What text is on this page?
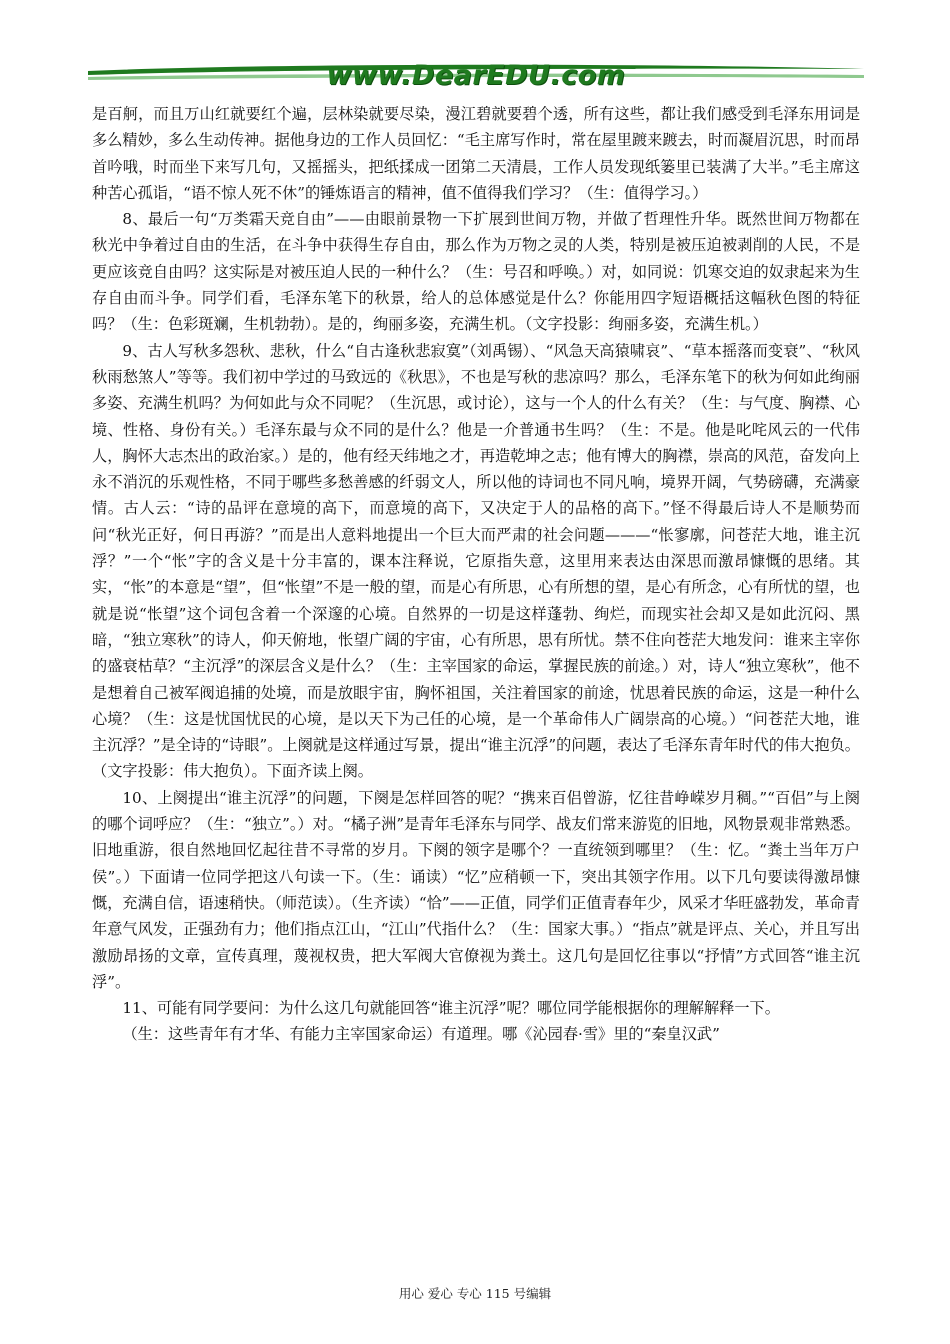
www.DearEDU.com

是百舸，而且万山红就要红个遍，层林染就要尽染，漫江碧就要碧个透，所有这些，都让我们感受到毛泽东用词是多么精妙，多么生动传神。据他身边的工作人员回忆：“毛主席写作时，常在屋里踱来踱去，时而凝眉沉思，时而昂首吟哦，时而坐下来写几句，又摇摇头，把纸揉成一团第二天清晨，工作人员发现纸篓里已装满了大半。”毛主席这种苦心孤诣，“语不惊人死不休”的锤炼语言的精神，值不值得我们学习？（生：值得学习。）

8、最后一句“万类霜天竞自由”——由眼前景物一下扩展到世间万物，并做了哲理性升华。既然世间万物都在秋光中争着过自由的生活，在斗争中获得生存自由，那么作为万物之灵的人类，特别是被压迫被剥削的人民，不是更应该竞自由吗？这实际是对被压迫人民的一种什么？（生：号召和呼唤。）对，如同说：饥寒交迫的奴隶起来为生存自由而斗争。同学们看，毛泽东笔下的秋景，给人的总体感觉是什么？你能用四字短语概括这幅秋色图的特征吗？（生：色彩斑斓，生机勃勃）。是的，绚丽多姿，充满生机。（文字投影：绚丽多姿，充满生机。）

9、古人写秋多怨秋、悲秋，什么“自古逢秋悲寂寞”（刘禹锡）、“风急天高猿啸哀”、“草本摇落而变衰”、“秋风秋雨愁煞人”等等。我们初中学过的马致远的《秋思》，不也是写秋的悲凉吗？那么，毛泽东笔下的秋为何如此绚丽多姿、充满生机吗？为何如此与众不同呢？（生沉思，或讨论），这与一个人的什么有关？（生：与气度、胸襟、心境、性格、身份有关。）毛泽东最与众不同的是什么？他是一介普通书生吗？（生：不是。他是叱咤风云的一代伟人，胸怀大志杰出的政治家。）是的，他有经天纬地之才，再造乾坤之志；他有博大的胸襟，崇高的风范，奋发向上永不消沉的乐观性格，不同于哪些多愁善感的纤弱文人，所以他的诗词也不同凡响，境界开阔，气势磅礴，充满豪情。古人云：“诗的品评在意境的高下，而意境的高下，又决定于人的品格的高下。”怪不得最后诗人不是顺势而问“秋光正好，何日再游？”而是出人意料地提出一个巨大而严肃的社会问题———“怅寥廓，问苍茫大地，谁主沉浮？”一个“怅”字的含义是十分丰富的，课本注释说，它原指失意，这里用来表达由深思而激昂慷慨的思绪。其实，“怅”的本意是“望”，但“怅望”不是一般的望，而是心有所思，心有所想的望，是心有所念，心有所忧的望，也就是说“怅望”这个词包含着一个深邃的心境。自然界的一切是这样蓬勃、绚烂，而现实社会却又是如此沉闷、黑暗，“独立寒秋”的诗人，仰天俯地，怅望广阔的宇宙，心有所思，思有所忧。禁不住向苍茫大地发问：谁来主宰你的盛衰枯草？“主沉浮”的深层含义是什么？（生：主宰国家的命运，掌握民族的前途。）对，诗人“独立寒秋”，他不是想着自己被军阀追捕的处境，而是放眼宇宙，胸怀祖国，关注着国家的前途，忧思着民族的命运，这是一种什么心境？（生：这是忧国忧民的心境，是以天下为己任的心境，是一个革命伟人广阔崇高的心境。）“问苍茫大地，谁主沉浮？”是全诗的“诗眼”。上阕就是这样通过写景，提出“谁主沉浮”的问题，表达了毛泽东青年时代的伟大抱负。（文字投影：伟大抱负）。下面齐读上阕。

10、上阕提出“谁主沉浮”的问题，下阕是怎样回答的呢？“携来百侣曾游，忆往昔峥嵘岁月稠。”“百侣”与上阕的哪个词呼应？（生：“独立”。）对。“橘子洲”是青年毛泽东与同学、战友们常来游览的旧地，风物景观非常熟悉。旧地重游，很自然地回忆起往昔不寻常的岁月。下阕的领字是哪个？一直统领到哪里？（生：忆。“粪土当年万户侯”。）下面请一位同学把这八句读一下。（生：诵读）“忆”应稍顿一下，突出其领字作用。以下几句要读得激昂慷慨，充满自信，语速稍快。（师范读）。（生齐读）“恰”——正值，同学们正值青春年少，风采才华旺盛勃发，革命青年意气风发，正强劲有力；他们指点江山，“江山”代指什么？（生：国家大事。）“指点”就是评点、关心，并且写出激励昂扬的文章，宣传真理，蔑视权贵，把大军阀大官僚视为粪土。这几句是回忆往事以“抒情”方式回答“谁主沉浮”。

11、可能有同学要问：为什么这几句就能回答“谁主沉浮”呢？哪位同学能根据你的理解解释一下。

（生：这些青年有才华、有能力主宰国家命运）有道理。哪《沁园春·雪》里的“秦皇汉武”

用心 爱心 专心 115 号编辑
